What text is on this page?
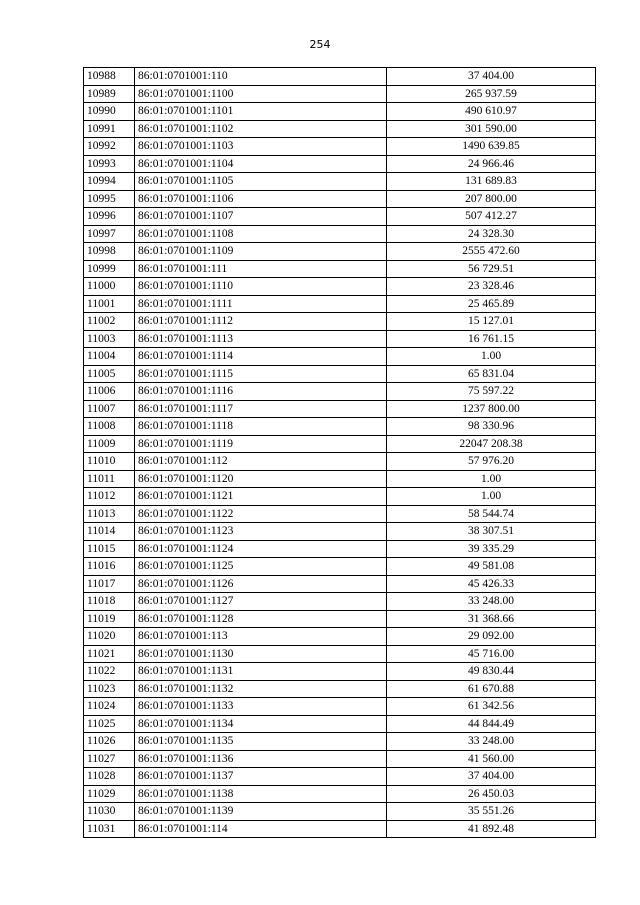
254
10988	86:01:0701001:110	37 404.00
10989	86:01:0701001:1100	265 937.59
10990	86:01:0701001:1101	490 610.97
10991	86:01:0701001:1102	301 590.00
10992	86:01:0701001:1103	1490 639.85
10993	86:01:0701001:1104	24 966.46
10994	86:01:0701001:1105	131 689.83
10995	86:01:0701001:1106	207 800.00
10996	86:01:0701001:1107	507 412.27
10997	86:01:0701001:1108	24 328.30
10998	86:01:0701001:1109	2555 472.60
10999	86:01:0701001:111	56 729.51
11000	86:01:0701001:1110	23 328.46
11001	86:01:0701001:1111	25 465.89
11002	86:01:0701001:1112	15 127.01
11003	86:01:0701001:1113	16 761.15
11004	86:01:0701001:1114	1.00
11005	86:01:0701001:1115	65 831.04
11006	86:01:0701001:1116	75 597.22
11007	86:01:0701001:1117	1237 800.00
11008	86:01:0701001:1118	98 330.96
11009	86:01:0701001:1119	22047 208.38
11010	86:01:0701001:112	57 976.20
11011	86:01:0701001:1120	1.00
11012	86:01:0701001:1121	1.00
11013	86:01:0701001:1122	58 544.74
11014	86:01:0701001:1123	38 307.51
11015	86:01:0701001:1124	39 335.29
11016	86:01:0701001:1125	49 581.08
11017	86:01:0701001:1126	45 426.33
11018	86:01:0701001:1127	33 248.00
11019	86:01:0701001:1128	31 368.66
11020	86:01:0701001:113	29 092.00
11021	86:01:0701001:1130	45 716.00
11022	86:01:0701001:1131	49 830.44
11023	86:01:0701001:1132	61 670.88
11024	86:01:0701001:1133	61 342.56
11025	86:01:0701001:1134	44 844.49
11026	86:01:0701001:1135	33 248.00
11027	86:01:0701001:1136	41 560.00
11028	86:01:0701001:1137	37 404.00
11029	86:01:0701001:1138	26 450.03
11030	86:01:0701001:1139	35 551.26
11031	86:01:0701001:114	41 892.48
